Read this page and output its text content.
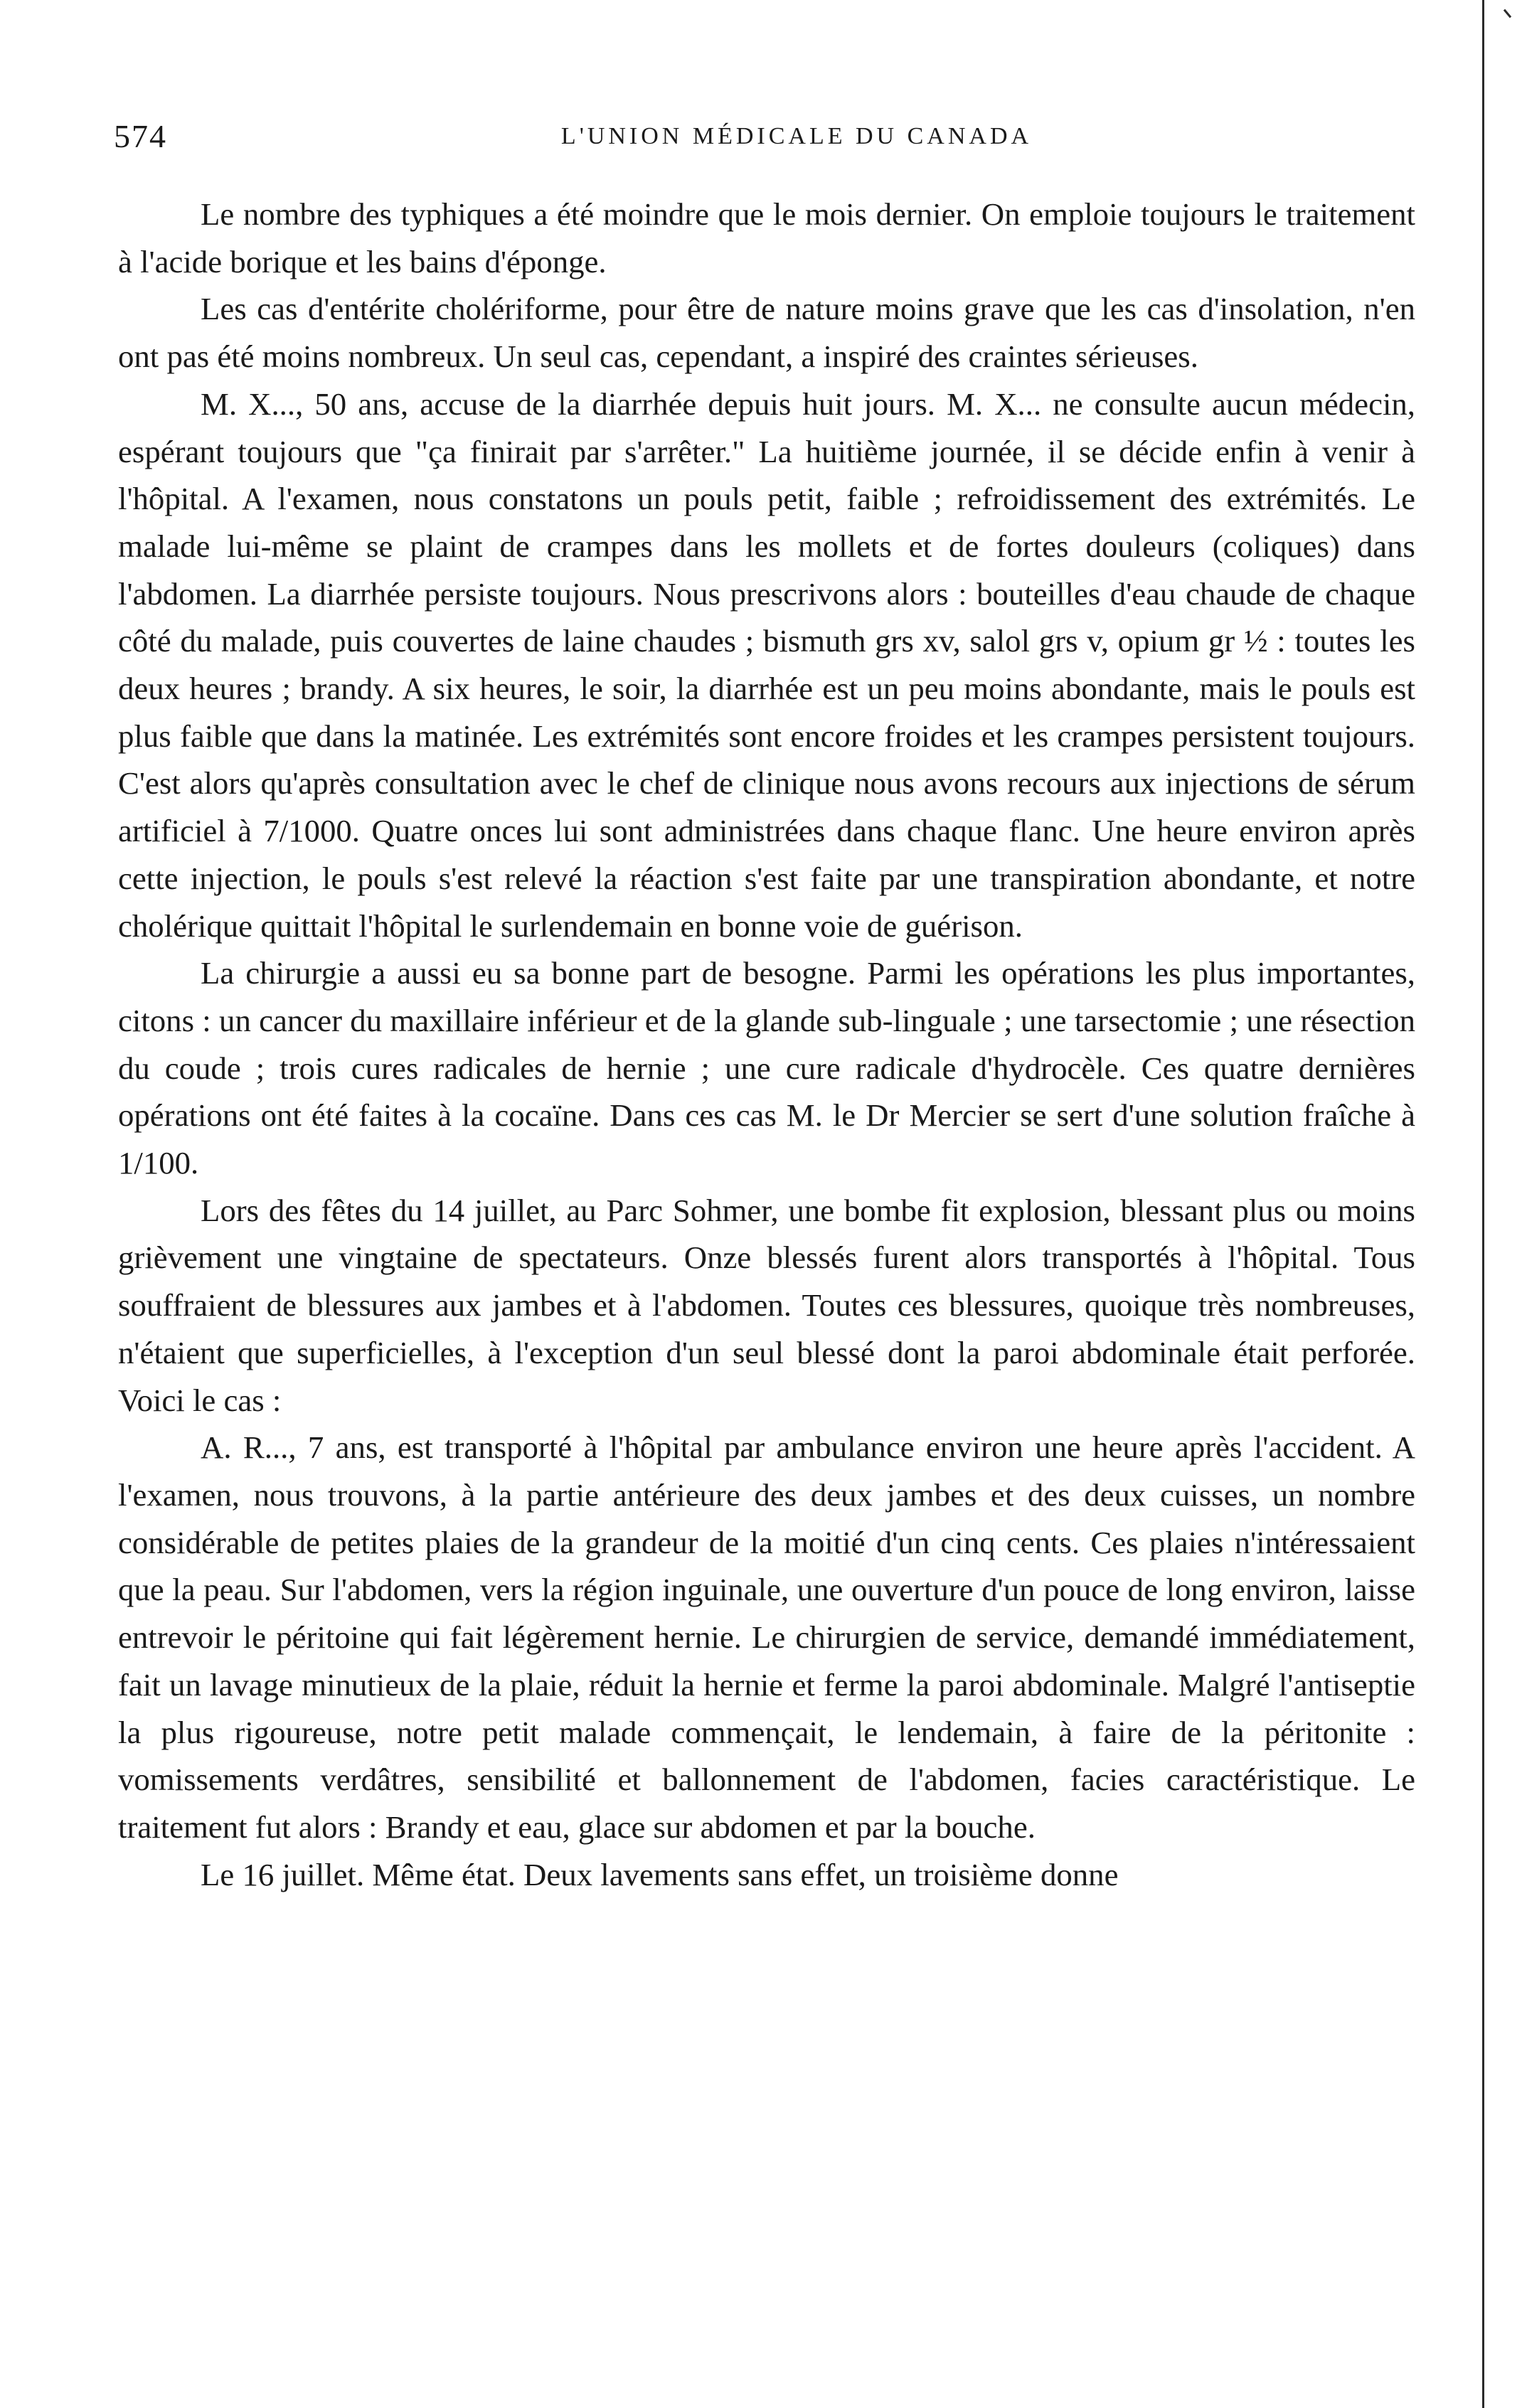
574	L'UNION MÉDICALE DU CANADA

Le nombre des typhiques a été moindre que le mois dernier. On emploie toujours le traitement à l'acide borique et les bains d'éponge.

Les cas d'entérite cholériforme, pour être de nature moins grave que les cas d'insolation, n'en ont pas été moins nombreux. Un seul cas, cependant, a inspiré des craintes sérieuses.

M. X..., 50 ans, accuse de la diarrhée depuis huit jours. M. X... ne consulte aucun médecin, espérant toujours que "ça finirait par s'arrêter." La huitième journée, il se décide enfin à venir à l'hôpital. A l'examen, nous constatons un pouls petit, faible ; refroidissement des extrémités. Le malade lui-même se plaint de crampes dans les mollets et de fortes douleurs (coliques) dans l'abdomen. La diarrhée persiste toujours. Nous prescrivons alors : bouteilles d'eau chaude de chaque côté du malade, puis couvertes de laine chaudes ; bismuth grs xv, salol grs v, opium gr ½ : toutes les deux heures ; brandy. A six heures, le soir, la diarrhée est un peu moins abondante, mais le pouls est plus faible que dans la matinée. Les extrémités sont encore froides et les crampes persistent toujours. C'est alors qu'après consultation avec le chef de clinique nous avons recours aux injections de sérum artificiel à 7/1000. Quatre onces lui sont administrées dans chaque flanc. Une heure environ après cette injection, le pouls s'est relevé la réaction s'est faite par une transpiration abondante, et notre cholérique quittait l'hôpital le surlendemain en bonne voie de guérison.

La chirurgie a aussi eu sa bonne part de besogne. Parmi les opérations les plus importantes, citons : un cancer du maxillaire inférieur et de la glande sub-linguale ; une tarsectomie ; une résection du coude ; trois cures radicales de hernie ; une cure radicale d'hydrocèle. Ces quatre dernières opérations ont été faites à la cocaïne. Dans ces cas M. le Dr Mercier se sert d'une solution fraîche à 1/100.

Lors des fêtes du 14 juillet, au Parc Sohmer, une bombe fit explosion, blessant plus ou moins grièvement une vingtaine de spectateurs. Onze blessés furent alors transportés à l'hôpital. Tous souffraient de blessures aux jambes et à l'abdomen. Toutes ces blessures, quoique très nombreuses, n'étaient que superficielles, à l'exception d'un seul blessé dont la paroi abdominale était perforée. Voici le cas :

A. R..., 7 ans, est transporté à l'hôpital par ambulance environ une heure après l'accident. A l'examen, nous trouvons, à la partie antérieure des deux jambes et des deux cuisses, un nombre considérable de petites plaies de la grandeur de la moitié d'un cinq cents. Ces plaies n'intéressaient que la peau. Sur l'abdomen, vers la région inguinale, une ouverture d'un pouce de long environ, laisse entrevoir le péritoine qui fait légèrement hernie. Le chirurgien de service, demandé immédiatement, fait un lavage minutieux de la plaie, réduit la hernie et ferme la paroi abdominale. Malgré l'antiseptie la plus rigoureuse, notre petit malade commençait, le lendemain, à faire de la péritonite : vomissements verdâtres, sensibilité et ballonnement de l'abdomen, facies caractéristique. Le traitement fut alors : Brandy et eau, glace sur abdomen et par la bouche.

Le 16 juillet. Même état. Deux lavements sans effet, un troisième donne
